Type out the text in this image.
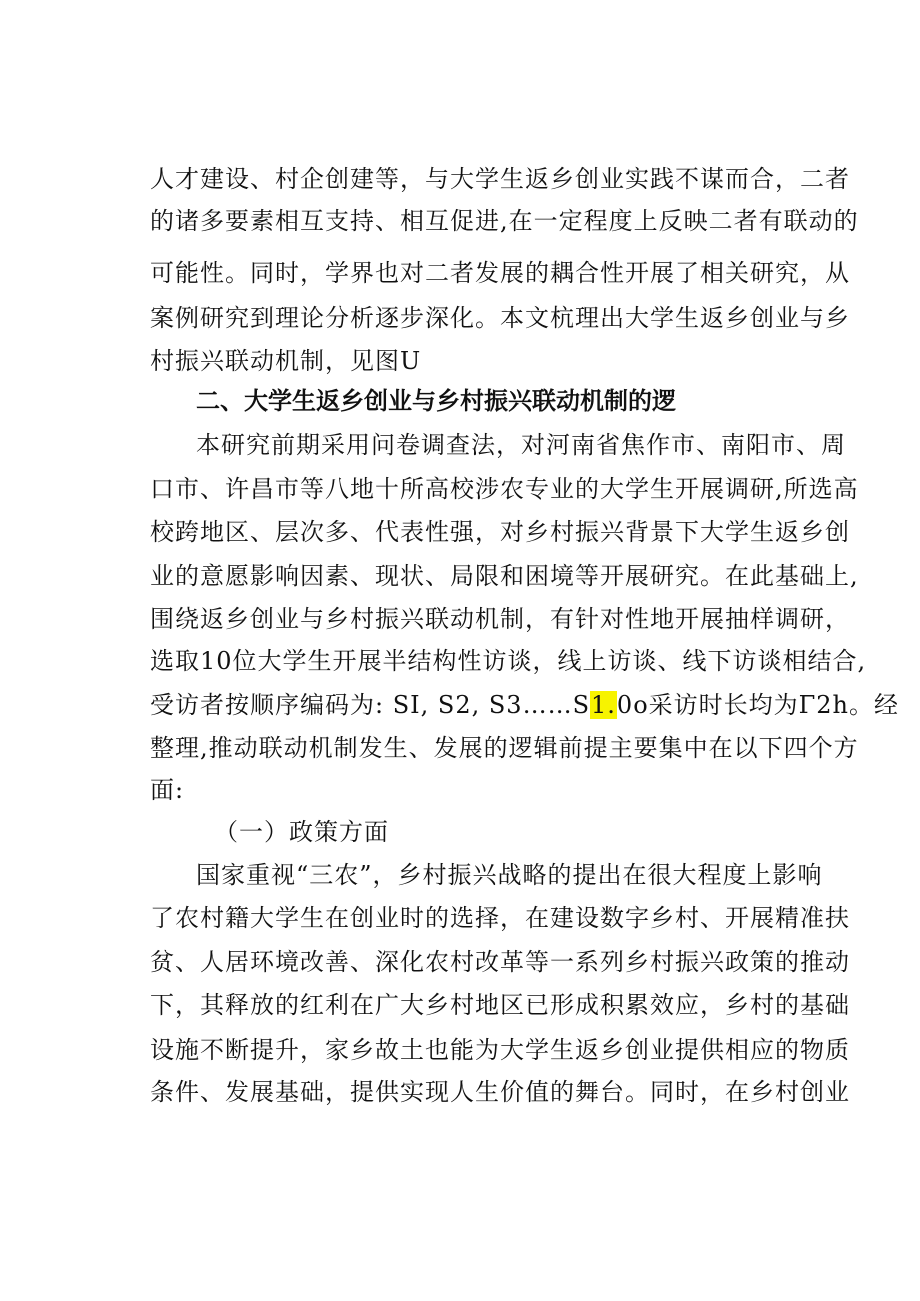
人才建设、村企创建等，与大学生返乡创业实践不谋而合，二者
的诸多要素相互支持、相互促进,在一定程度上反映二者有联动的
可能性。同时，学界也对二者发展的耦合性开展了相关研究，从
案例研究到理论分析逐步深化。本文杭理出大学生返乡创业与乡
村振兴联动机制，见图U
二、大学生返乡创业与乡村振兴联动机制的逻
本研究前期采用问卷调查法，对河南省焦作市、南阳市、周
口市、许昌市等八地十所高校涉农专业的大学生开展调研,所选高
校跨地区、层次多、代表性强，对乡村振兴背景下大学生返乡创
业的意愿影响因素、现状、局限和困境等开展研究。在此基础上,
围绕返乡创业与乡村振兴联动机制，有针对性地开展抽样调研，
选取10位大学生开展半结构性访谈，线上访谈、线下访谈相结合,
受访者按顺序编码为: SI, S2, S3……S1.0o采访时长均为Γ2h。经
整理,推动联动机制发生、发展的逻辑前提主要集中在以下四个方
面:
（一）政策方面
国家重视“三农”，乡村振兴战略的提出在很大程度上影响
了农村籍大学生在创业时的选择，在建设数字乡村、开展精准扶
贫、人居环境改善、深化农村改革等一系列乡村振兴政策的推动
下，其释放的红利在广大乡村地区已形成积累效应，乡村的基础
设施不断提升，家乡故土也能为大学生返乡创业提供相应的物质
条件、发展基础，提供实现人生价值的舞台。同时，在乡村创业
